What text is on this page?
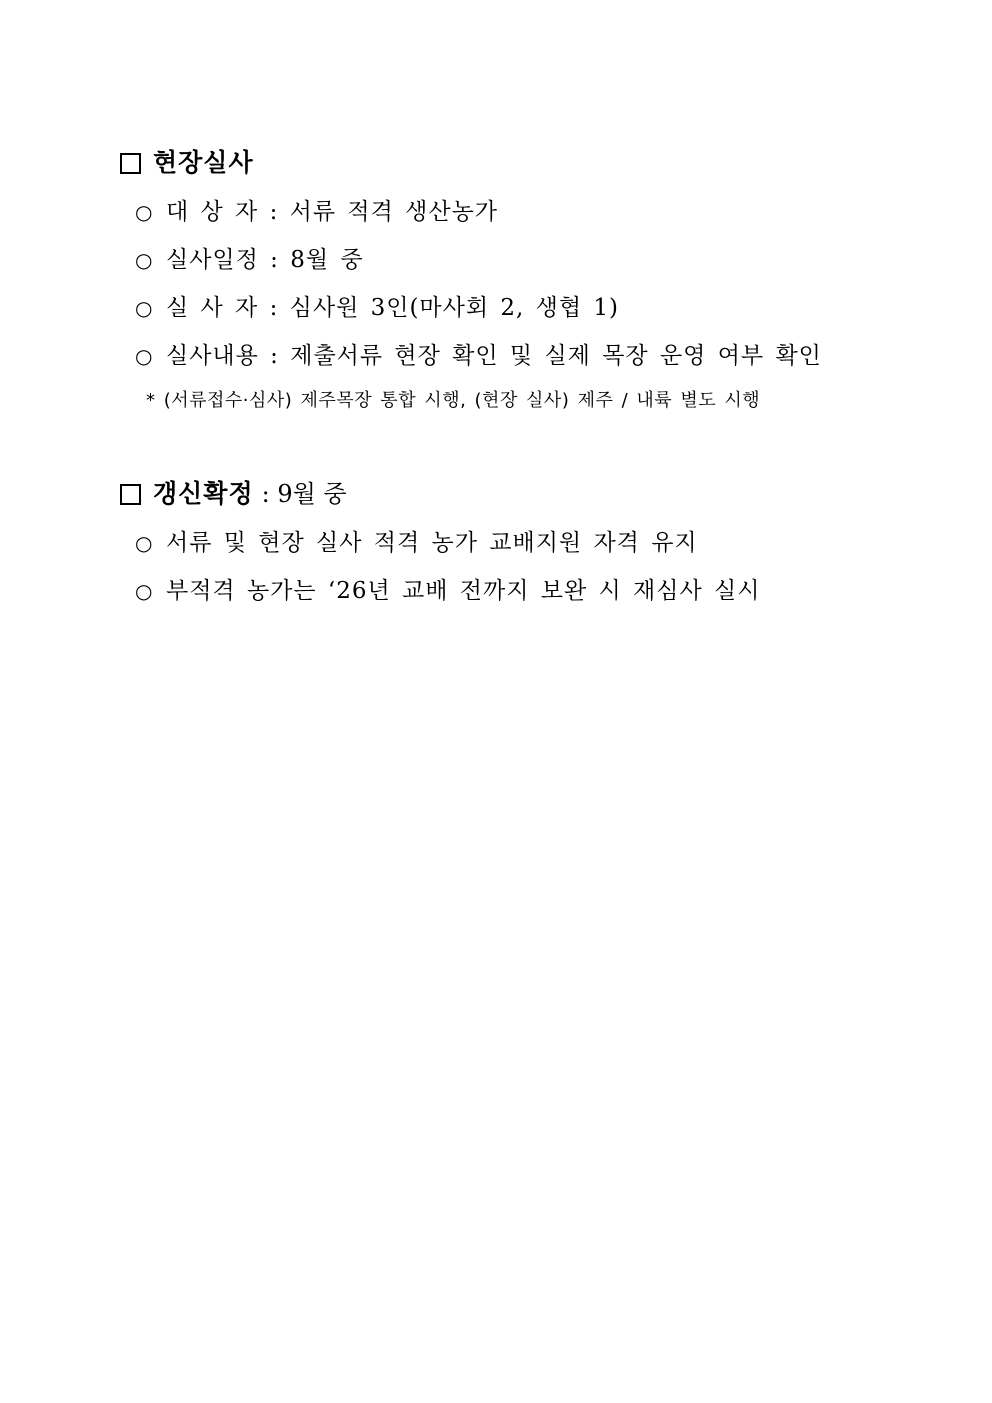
현장실사
○ 대 상 자 : 서류 적격 생산농가
○ 실사일정 : 8월 중
○ 실 사 자 : 심사원 3인(마사회 2, 생협 1)
○ 실사내용 : 제출서류 현장 확인 및 실제 목장 운영 여부 확인
* (서류접수·심사) 제주목장 통합 시행, (현장 실사) 제주 / 내륙 별도 시행
갱신확정 : 9월 중
○ 서류 및 현장 실사 적격 농가 교배지원 자격 유지
○ 부적격 농가는 ‘26년 교배 전까지 보완 시 재심사 실시
